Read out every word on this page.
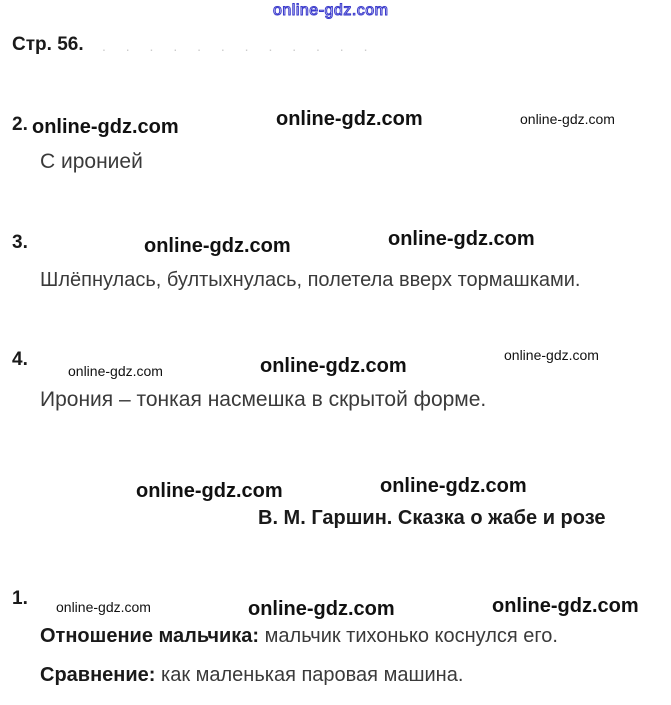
online-gdz.com
Стр. 56. . . . . . . . . . . . .
2. online-gdz.com	online-gdz.com	online-gdz.com
С иронией
3.	online-gdz.com	online-gdz.com
Шлёпнулась, бултыхнулась, полетела вверх тормашками.
4.
online-gdz.com	online-gdz.com	online-gdz.com
Ирония – тонкая насмешка в скрытой форме.
online-gdz.com	online-gdz.com
В. М. Гаршин. Сказка о жабе и розе
1. online-gdz.com	online-gdz.com	online-gdz.com
Отношение мальчика: мальчик тихонько коснулся его.
Сравнение: как маленькая паровая машина.
